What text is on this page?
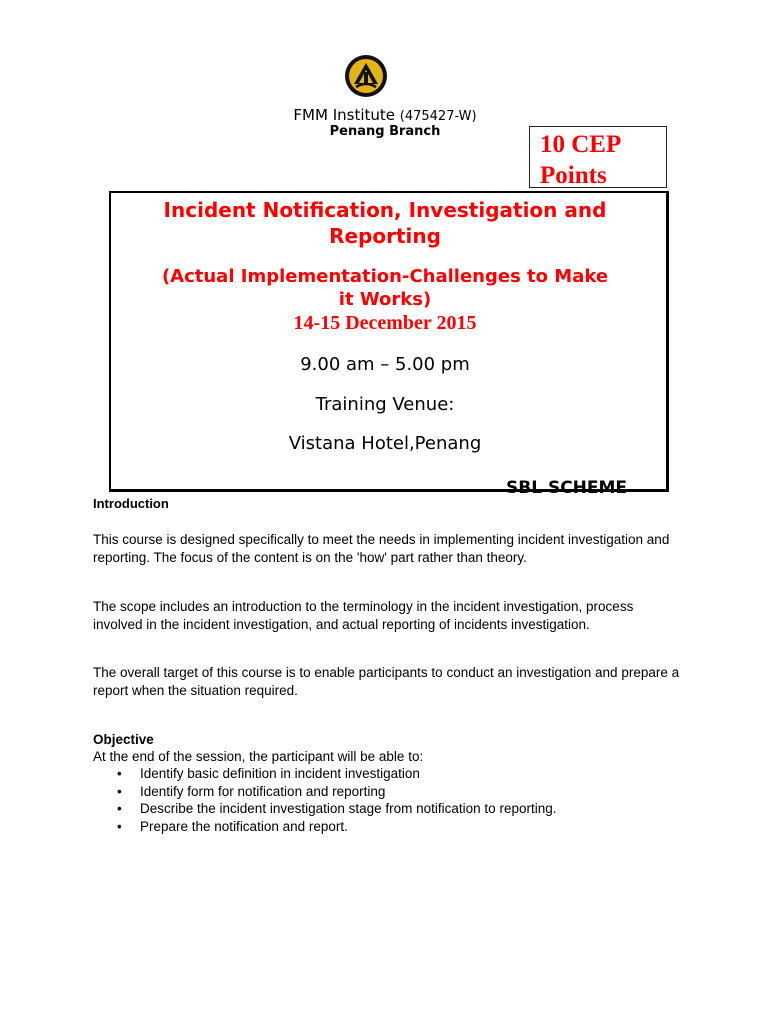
FMM Institute (475427-W)
Penang Branch	10 CEP
Points
Incident Notification, Investigation and
Reporting
(Actual Implementation-Challenges to Make
it Works)
14-15 December 2015
9.00 am – 5.00 pm
Training Venue:
Vistana Hotel,Penang
SBL SCHEME
Introduction
This course is designed specifically to meet the needs in implementing incident investigation and reporting. The focus of the content is on the 'how' part rather than theory.
The scope includes an introduction to the terminology in the incident investigation, process involved in the incident investigation, and actual reporting of incidents investigation.
The overall target of this course is to enable participants to conduct an investigation and prepare a report when the situation required.
Objective
At the end of the session, the participant will be able to:
• Identify basic definition in incident investigation
• Identify form for notification and reporting
• Describe the incident investigation stage from notification to reporting.
• Prepare the notification and report.
